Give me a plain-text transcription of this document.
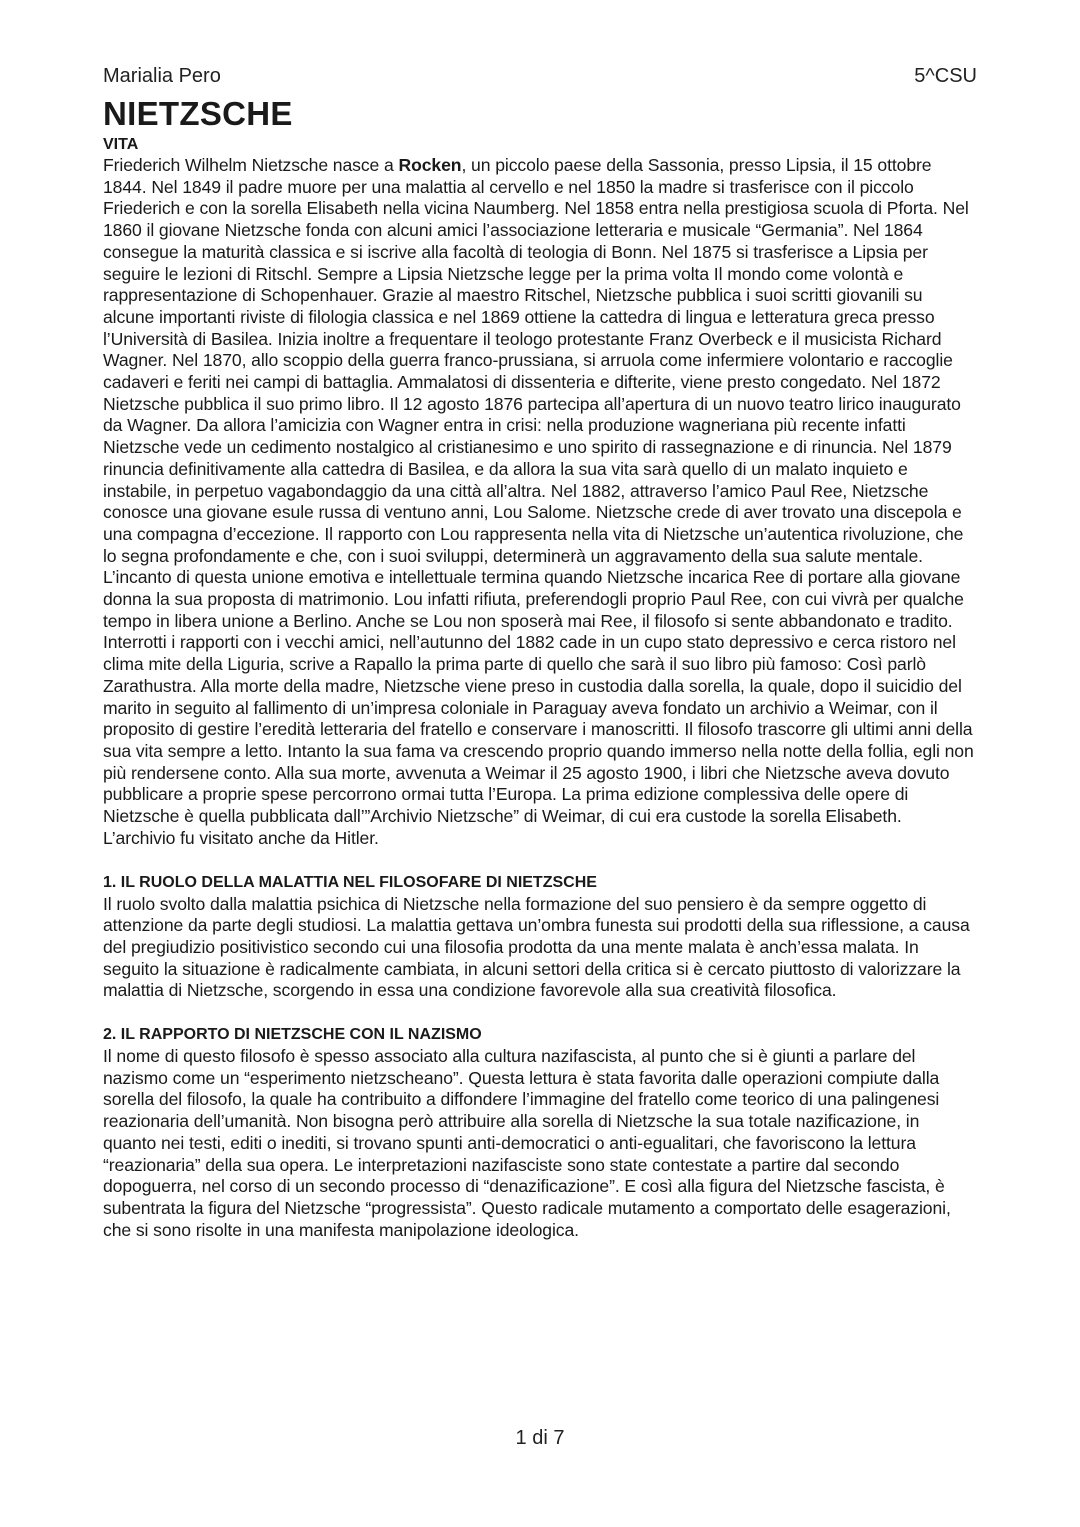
Marialia Pero	5^CSU
NIETZSCHE
VITA

Friederich Wilhelm Nietzsche nasce a Rocken, un piccolo paese della Sassonia, presso Lipsia, il 15 ottobre 1844. Nel 1849 il padre muore per una malattia al cervello e nel 1850 la madre si trasferisce con il piccolo Friederich e con la sorella Elisabeth nella vicina Naumberg. Nel 1858 entra nella prestigiosa scuola di Pforta. Nel 1860 il giovane Nietzsche fonda con alcuni amici l’associazione letteraria e musicale “Germania”. Nel 1864 consegue la maturità classica e si iscrive alla facoltà di teologia di Bonn. Nel 1875 si trasferisce a Lipsia per seguire le lezioni di Ritschl. Sempre a Lipsia Nietzsche legge per la prima volta Il mondo come volontà e rappresentazione di Schopenhauer. Grazie al maestro Ritschel, Nietzsche pubblica i suoi scritti giovanili su alcune importanti riviste di filologia classica e nel 1869 ottiene la cattedra di lingua e letteratura greca presso l’Università di Basilea. Inizia inoltre a frequentare il teologo protestante Franz Overbeck e il musicista Richard Wagner. Nel 1870, allo scoppio della guerra franco-prussiana, si arruola come infermiere volontario e raccoglie cadaveri e feriti nei campi di battaglia. Ammalatosi di dissenteria e difterite, viene presto congedato. Nel 1872 Nietzsche pubblica il suo primo libro. Il 12 agosto 1876 partecipa all’apertura di un nuovo teatro lirico inaugurato da Wagner. Da allora l’amicizia con Wagner entra in crisi: nella produzione wagneriana più recente infatti Nietzsche vede un cedimento nostalgico al cristianesimo e uno spirito di rassegnazione e di rinuncia. Nel 1879 rinuncia definitivamente alla cattedra di Basilea, e da allora la sua vita sarà quello di un malato inquieto e instabile, in perpetuo vagabondaggio da una città all’altra. Nel 1882, attraverso l’amico Paul Ree, Nietzsche conosce una giovane esule russa di ventuno anni, Lou Salome. Nietzsche crede di aver trovato una discepola e una compagna d’eccezione. Il rapporto con Lou rappresenta nella vita di Nietzsche un’autentica rivoluzione, che lo segna profondamente e che, con i suoi sviluppi, determinerà un aggravamento della sua salute mentale. L’incanto di questa unione emotiva e intellettuale termina quando Nietzsche incarica Ree di portare alla giovane donna la sua proposta di matrimonio. Lou infatti rifiuta, preferendogli proprio Paul Ree, con cui vivrà per qualche tempo in libera unione a Berlino. Anche se Lou non sposerà mai Ree, il filosofo si sente abbandonato e tradito. Interrotti i rapporti con i vecchi amici, nell’autunno del 1882 cade in un cupo stato depressivo e cerca ristoro nel clima mite della Liguria, scrive a Rapallo la prima parte di quello che sarà il suo libro più famoso: Così parlò Zarathustra. Alla morte della madre, Nietzsche viene preso in custodia dalla sorella, la quale, dopo il suicidio del marito in seguito al fallimento di un’impresa coloniale in Paraguay aveva fondato un archivio a Weimar, con il proposito di gestire l’eredità letteraria del fratello e conservare i manoscritti. Il filosofo trascorre gli ultimi anni della sua vita sempre a letto. Intanto la sua fama va crescendo proprio quando immerso nella notte della follia, egli non più rendersene conto. Alla sua morte, avvenuta a Weimar il 25 agosto 1900, i libri che Nietzsche aveva dovuto pubblicare a proprie spese percorrono ormai tutta l’Europa. La prima edizione complessiva delle opere di Nietzsche è quella pubblicata dall’”Archivio Nietzsche” di Weimar, di cui era custode la sorella Elisabeth. L’archivio fu visitato anche da Hitler.

1. IL RUOLO DELLA MALATTIA NEL FILOSOFARE DI NIETZSCHE

Il ruolo svolto dalla malattia psichica di Nietzsche nella formazione del suo pensiero è da sempre oggetto di attenzione da parte degli studiosi. La malattia gettava un’ombra funesta sui prodotti della sua riflessione, a causa del pregiudizio positivistico secondo cui una filosofia prodotta da una mente malata è anch’essa malata. In seguito la situazione è radicalmente cambiata, in alcuni settori della critica si è cercato piuttosto di valorizzare la malattia di Nietzsche, scorgendo in essa una condizione favorevole alla sua creatività filosofica.

2. IL RAPPORTO DI NIETZSCHE CON IL NAZISMO

Il nome di questo filosofo è spesso associato alla cultura nazifascista, al punto che si è giunti a parlare del nazismo come un “esperimento nietzscheano”. Questa lettura è stata favorita dalle operazioni compiute dalla sorella del filosofo, la quale ha contribuito a diffondere l’immagine del fratello come teorico di una palingenesi reazionaria dell’umanità. Non bisogna però attribuire alla sorella di Nietzsche la sua totale nazificazione, in quanto nei testi, editi o inediti, si trovano spunti anti-democratici o anti-egualitari, che favoriscono la lettura “reazionaria” della sua opera. Le interpretazioni nazifasciste sono state contestate a partire dal secondo dopoguerra, nel corso di un secondo processo di “denazificazione”. E così alla figura del Nietzsche fascista, è subentrata la figura del Nietzsche “progressista”. Questo radicale mutamento a comportato delle esagerazioni, che si sono risolte in una manifesta manipolazione ideologica.

1 di 7
